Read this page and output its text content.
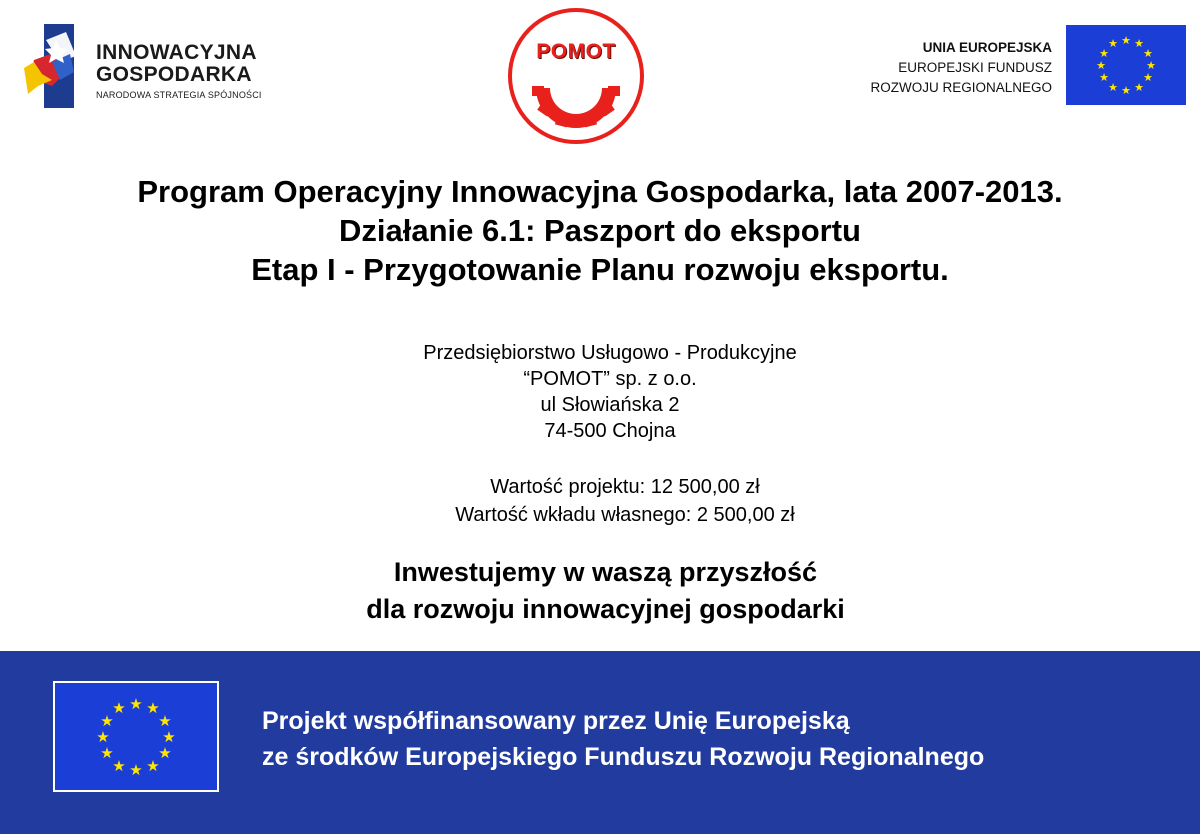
INNOWACYJNA
GOSPODARKA
NARODOWA STRATEGIA SPÓJNOŚCI
POMOT	UNIA EUROPEJSKA
EUROPEJSKI FUNDUSZ
ROZWOJU REGIONALNEGO
★ ★
★
★
★
★
★
★
★
★
★
★
Program Operacyjny Innowacyjna Gospodarka, lata 2007-2013.
Działanie 6.1: Paszport do eksportu
Etap I - Przygotowanie Planu rozwoju eksportu.
Przedsiębiorstwo Usługowo - Produkcyjne
“POMOT” sp. z o.o.
ul Słowiańska 2
74-500 Chojna
Wartość projektu: 12 500,00 zł
Wartość wkładu własnego: 2 500,00 zł
Inwestujemy w waszą przyszłość
dla rozwoju innowacyjnej gospodarki
★ ★
★
★
★
★
★
★
★
★
★
★	Projekt współfinansowany przez Unię Europejską
ze środków Europejskiego Funduszu Rozwoju Regionalnego
